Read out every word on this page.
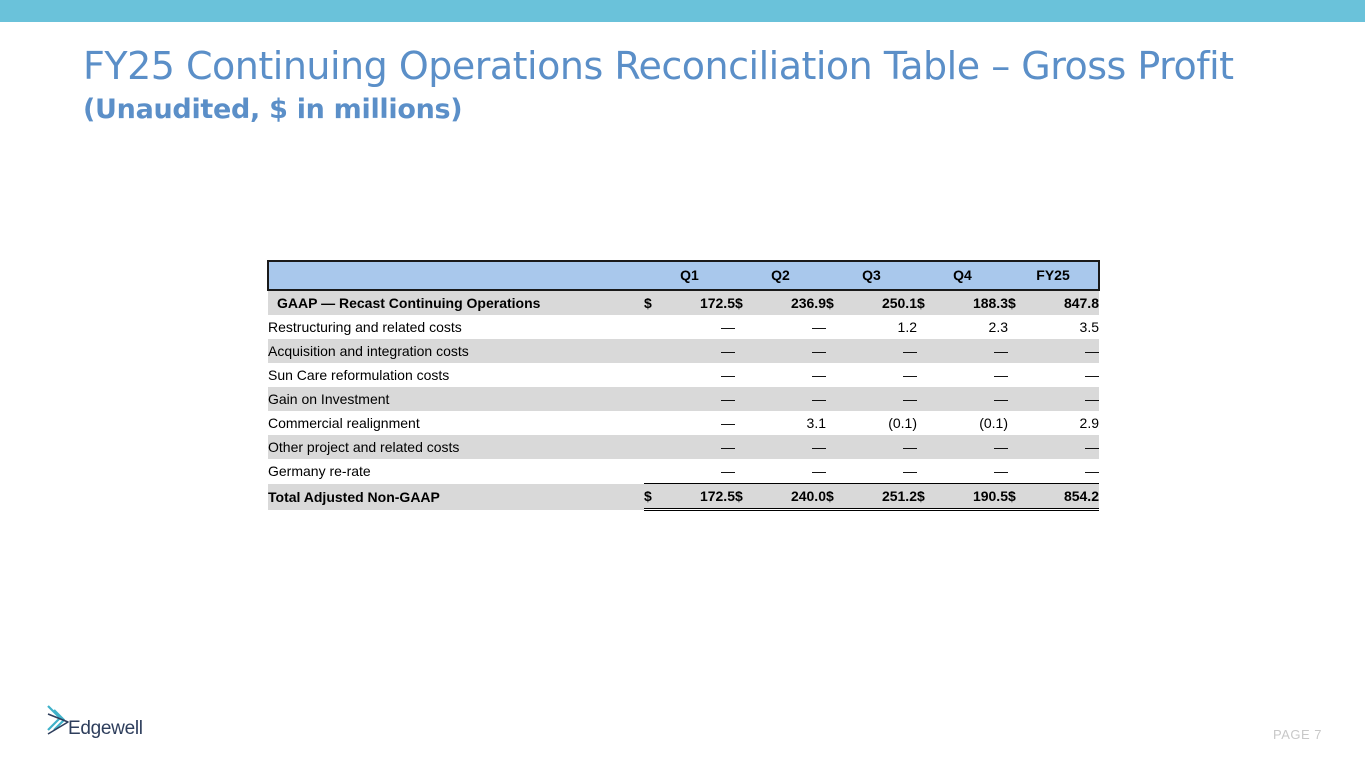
FY25 Continuing Operations Reconciliation Table – Gross Profit
(Unaudited, $ in millions)
	Q1		Q2		Q3		Q4		FY25	
GAAP — Recast Continuing Operations	$	172.5	$	236.9	$	250.1	$	188.3	$	847.8
Restructuring and related costs		—		—		1.2		2.3		3.5
Acquisition and integration costs		—		—		—		—		—
Sun Care reformulation costs		—		—		—		—		—
Gain on Investment		—		—		—		—		—
Commercial realignment		—		3.1		(0.1)		(0.1)		2.9
Other project and related costs		—		—		—		—		—
Germany re-rate		—		—		—		—		—
Total Adjusted Non-GAAP	$	172.5	$	240.0	$	251.2	$	190.5	$	854.2
Edgewell	PAGE 7
